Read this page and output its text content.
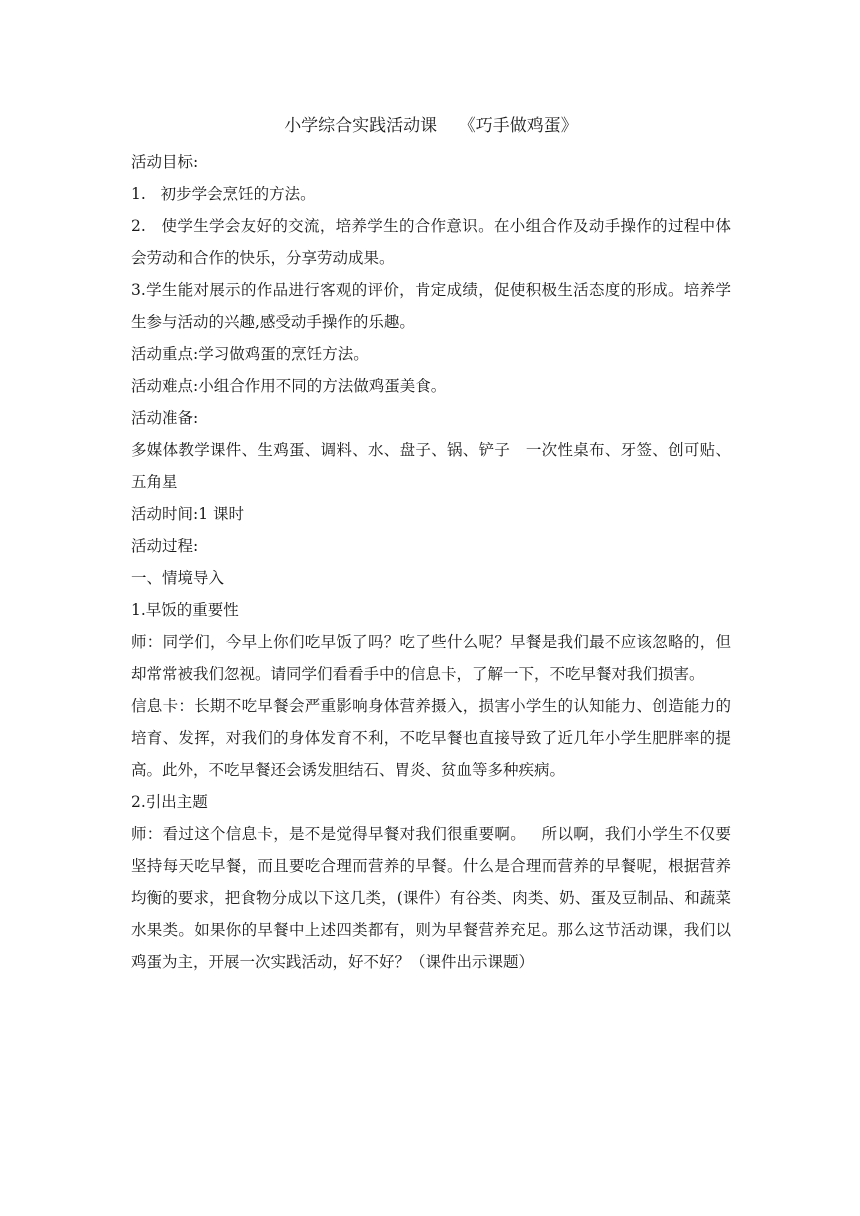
小学综合实践活动课    《巧手做鸡蛋》

活动目标:

1.   初步学会烹饪的方法。

2.   使学生学会友好的交流，培养学生的合作意识。在小组合作及动手操作的过程中体会劳动和合作的快乐，分享劳动成果。

3.学生能对展示的作品进行客观的评价，肯定成绩，促使积极生活态度的形成。培养学生参与活动的兴趣,感受动手操作的乐趣。

活动重点:学习做鸡蛋的烹饪方法。

活动难点:小组合作用不同的方法做鸡蛋美食。

活动准备:

多媒体教学课件、生鸡蛋、调料、水、盘子、锅、铲子   一次性桌布、牙签、创可贴、五角星

活动时间:1 课时

活动过程:

一、情境导入

1.早饭的重要性

师：同学们，今早上你们吃早饭了吗？吃了些什么呢？早餐是我们最不应该忽略的，但却常常被我们忽视。请同学们看看手中的信息卡，了解一下，不吃早餐对我们损害。

信息卡：长期不吃早餐会严重影响身体营养摄入，损害小学生的认知能力、创造能力的培育、发挥，对我们的身体发育不利，不吃早餐也直接导致了近几年小学生肥胖率的提高。此外，不吃早餐还会诱发胆结石、胃炎、贫血等多种疾病。

2.引出主题

师：看过这个信息卡，是不是觉得早餐对我们很重要啊。   所以啊，我们小学生不仅要坚持每天吃早餐，而且要吃合理而营养的早餐。什么是合理而营养的早餐呢，根据营养均衡的要求，把食物分成以下这几类，(课件）有谷类、肉类、奶、蛋及豆制品、和蔬菜水果类。如果你的早餐中上述四类都有，则为早餐营养充足。那么这节活动课，我们以鸡蛋为主，开展一次实践活动，好不好？（课件出示课题）
